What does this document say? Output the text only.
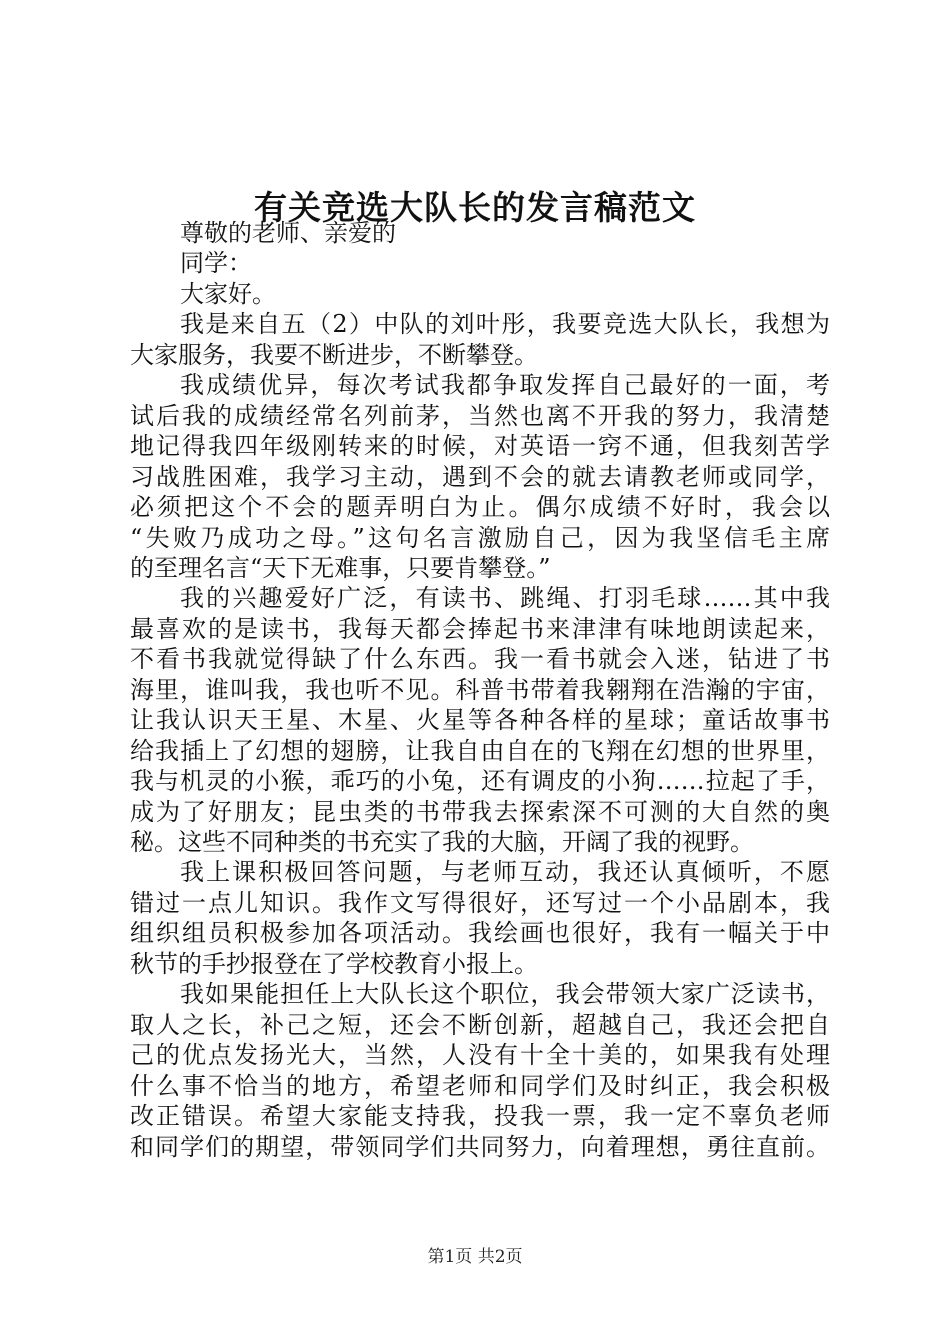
有关竞选大队长的发言稿范文
尊敬的老师、亲爱的
同学：
大家好。
我是来自五（2）中队的刘叶彤，我要竞选大队长，我想为
大家服务，我要不断进步，不断攀登。
我成绩优异，每次考试我都争取发挥自己最好的一面，考
试后我的成绩经常名列前茅，当然也离不开我的努力，我清楚
地记得我四年级刚转来的时候，对英语一窍不通，但我刻苦学
习战胜困难，我学习主动，遇到不会的就去请教老师或同学，
必须把这个不会的题弄明白为止。偶尔成绩不好时，我会以
“失败乃成功之母。”这句名言激励自己，因为我坚信毛主席
的至理名言“天下无难事，只要肯攀登。”
我的兴趣爱好广泛，有读书、跳绳、打羽毛球……其中我
最喜欢的是读书，我每天都会捧起书来津津有味地朗读起来，
不看书我就觉得缺了什么东西。我一看书就会入迷，钻进了书
海里，谁叫我，我也听不见。科普书带着我翱翔在浩瀚的宇宙，
让我认识天王星、木星、火星等各种各样的星球；童话故事书
给我插上了幻想的翅膀，让我自由自在的飞翔在幻想的世界里，
我与机灵的小猴，乖巧的小兔，还有调皮的小狗……拉起了手，
成为了好朋友；昆虫类的书带我去探索深不可测的大自然的奥
秘。这些不同种类的书充实了我的大脑，开阔了我的视野。
我上课积极回答问题，与老师互动，我还认真倾听，不愿
错过一点儿知识。我作文写得很好，还写过一个小品剧本，我
组织组员积极参加各项活动。我绘画也很好，我有一幅关于中
秋节的手抄报登在了学校教育小报上。
我如果能担任上大队长这个职位，我会带领大家广泛读书，
取人之长，补己之短，还会不断创新，超越自己，我还会把自
己的优点发扬光大，当然，人没有十全十美的，如果我有处理
什么事不恰当的地方，希望老师和同学们及时纠正，我会积极
改正错误。希望大家能支持我，投我一票，我一定不辜负老师
和同学们的期望，带领同学们共同努力，向着理想，勇往直前。
第1页 共2页
